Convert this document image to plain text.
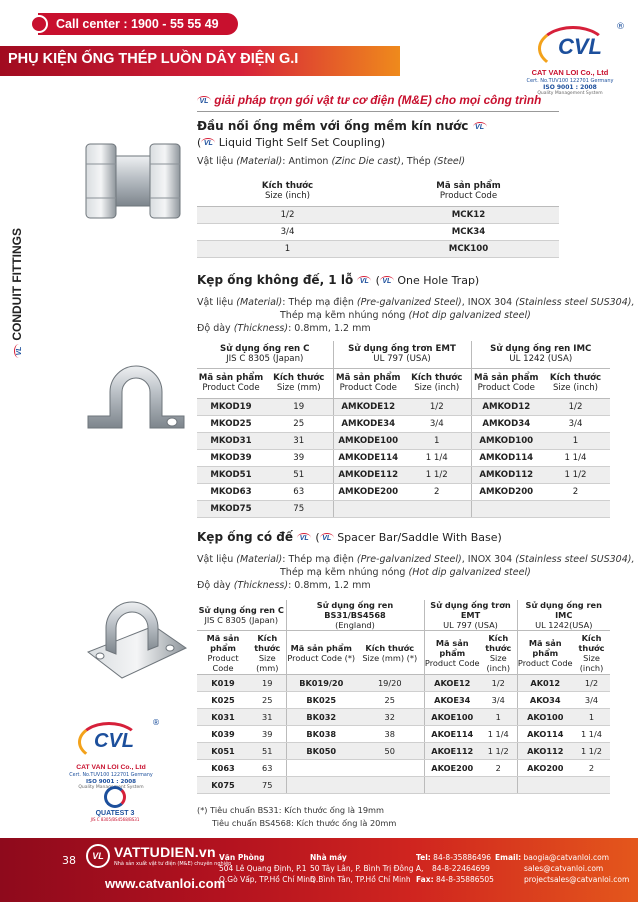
Call center : 1900 - 55 55 49
PHỤ KIỆN ỐNG THÉP LUỒN DÂY ĐIỆN G.I	CVL
®
CAT VAN LOI Co., Ltd
Cert. No.TUV100 122701 Germany
ISO 9001 : 2008
Quality Management System
VL giải pháp trọn gói vật tư cơ điện (M&E) cho mọi công trình
VL CONDUIT FITTINGS
Đầu nối ống mềm với ống mềm kín nước VL
( VL Liquid Tight Self Set Coupling)
Vật liệu (Material): Antimon (Zinc Die cast), Thép (Steel)
Kích thước
Size (inch)	Mã sản phẩm
Product Code
1/2	MCK12
3/4	MCK34
1	MCK100
Kẹp ống không đế, 1 lỗ VL ( VL One Hole Trap)
Vật liệu (Material): Thép mạ điện (Pre-galvanized Steel), INOX 304 (Stainless steel SUS304),
Thép mạ kẽm nhúng nóng (Hot dip galvanized steel)
Độ dày (Thickness): 0.8mm, 1.2 mm
Sử dụng ống ren C
JIS C 8305 (Japan)		Sử dụng ống trơn EMT
UL 797 (USA)		Sử dụng ống ren IMC
UL 1242 (USA)	
Mã sản phẩm
Product Code	Kích thước
Size (mm)	Mã sản phẩm
Product Code	Kích thước
Size (inch)	Mã sản phẩm
Product Code	Kích thước
Size (inch)
MKOD19	19	AMKODE12	1/2	AMKOD12	1/2
MKOD25	25	AMKODE34	3/4	AMKOD34	3/4
MKOD31	31	AMKODE100	1	AMKOD100	1
MKOD39	39	AMKODE114	1 1/4	AMKOD114	1 1/4
MKOD51	51	AMKODE112	1 1/2	AMKOD112	1 1/2
MKOD63	63	AMKODE200	2	AMKOD200	2
MKOD75	75				
Kẹp ống có đế VL ( VL Spacer Bar/Saddle With Base)
Vật liệu (Material): Thép mạ điện (Pre-galvanized Steel), INOX 304 (Stainless steel SUS304),
Thép mạ kẽm nhúng nóng (Hot dip galvanized steel)
Độ dày (Thickness): 0.8mm, 1.2 mm
Sử dụng ống ren C
JIS C 8305 (Japan)		Sử dụng ống ren BS31/BS4568
(England)		Sử dụng ống trơn EMT
UL 797 (USA)		Sử dụng ống ren IMC
UL 1242(USA)	
Mã sản phẩm
Product Code	Kích thước
Size
(mm)	Mã sản phẩm
Product Code (*)	Kích thước
Size (mm) (*)	Mã sản phẩm
Product Code	Kích thước
Size
(inch)	Mã sản phẩm
Product Code	Kích thước
Size
(inch)
K019	19	BK019/20	19/20	AKOE12	1/2	AK012	1/2
K025	25	BK025	25	AKOE34	3/4	AKO34	3/4
K031	31	BK032	32	AKOE100	1	AKO100	1
K039	39	BK038	38	AKOE114	1 1/4	AKO114	1 1/4
K051	51	BK050	50	AKOE112	1 1/2	AKO112	1 1/2
K063	63			AKOE200	2	AKO200	2
K075	75						
(*) Tiêu chuẩn BS31: Kích thước ống là 19mm
Tiêu chuẩn BS4568: Kích thước ống là 20mm
CVL
®
CAT VAN LOI Co., Ltd
Cert. No.TUV100 122701 Germany
ISO 9001 : 2008
Quality Management System
QUATEST 3
JIS C 8305/BS4568/BS31
38	VL VATTUDIEN.vn
Nhà sản xuất vật tư điện (M&E) chuyên nghiệp
www.catvanloi.com
Văn Phòng
504 Lê Quang Định, P.1
Q.Gò Vấp, TP.Hồ Chí Minh
Nhà máy
50 Tây Lân, P. Bình Trị Đông A,
Q.Bình Tân, TP.Hồ Chí Minh
Tel: 84-8-35886496
84-8-22464699
Fax: 84-8-35886505
Email: baogia@catvanloi.com
sales@catvanloi.com
projectsales@catvanloi.com
